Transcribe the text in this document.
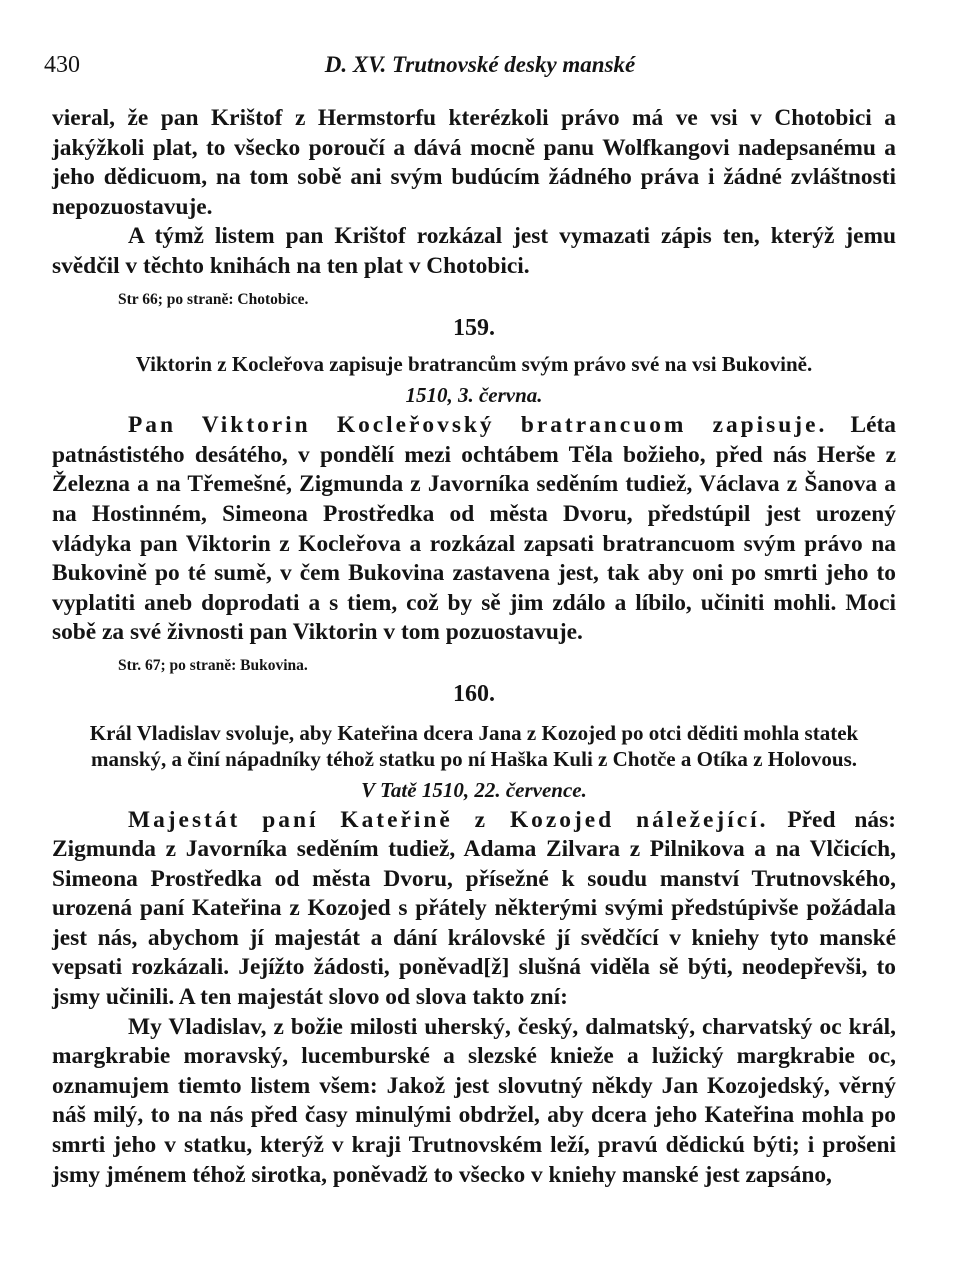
430	D. XV. Trutnovské desky manské

vieral, že pan Krištof z Hermstorfu kterézkoli právo má ve vsi v Chotobici a jakýžkoli plat, to všecko poroučí a dává mocně panu Wolfkangovi nadepsanému a jeho dědicuom, na tom sobě ani svým budúcím žádného práva i žádné zvláštnosti nepozuostavuje.

A týmž listem pan Krištof rozkázal jest vymazati zápis ten, kterýž jemu svědčil v těchto knihách na ten plat v Chotobici.

Str 66; po straně: Chotobice.

159.

Viktorin z Kocleřova zapisuje bratrancům svým právo své na vsi Bukovině.

1510, 3. června.

Pan Viktorin Kocleřovský bratrancuom zapisuje. Léta patnástistého desátého, v pondělí mezi ochtábem Těla božieho, před nás Herše z Železna a na Třemešné, Zigmunda z Javorníka seděním tudiež, Václava z Šanova a na Hostinném, Simeona Prostředka od města Dvoru, předstúpil jest urozený vládyka pan Viktorin z Kocleřova a rozkázal zapsati bratrancuom svým právo na Bukovině po té sumě, v čem Bukovina zastavena jest, tak aby oni po smrti jeho to vyplatiti aneb doprodati a s tiem, což by sě jim zdálo a líbilo, učiniti mohli. Moci sobě za své živnosti pan Viktorin v tom pozuostavuje.

Str. 67; po straně: Bukovina.

160.

Král Vladislav svoluje, aby Kateřina dcera Jana z Kozojed po otci děditi mohla statek manský, a činí nápadníky téhož statku po ní Haška Kuli z Chotče a Otíka z Holovous.

V Tatě 1510, 22. července.

Majestát paní Kateřině z Kozojed náležející. Před nás: Zigmunda z Javorníka seděním tudiež, Adama Zilvara z Pilnikova a na Vlčicích, Simeona Prostředka od města Dvoru, přísežné k soudu manství Trutnovského, urozená paní Kateřina z Kozojed s přátely některými svými předstúpivše požádala jest nás, abychom jí majestát a dání královské jí svědčící v kniehy tyto manské vepsati rozkázali. Jejížto žádosti, poněvad[ž] slušná viděla sě býti, neodepřevši, to jsmy učinili. A ten majestát slovo od slova takto zní:

My Vladislav, z božie milosti uherský, český, dalmatský, charvatský oc král, margkrabie moravský, lucemburské a slezské knieže a lužický margkrabie oc, oznamujem tiemto listem všem: Jakož jest slovutný někdy Jan Kozojedský, věrný náš milý, to na nás před časy minulými obdržel, aby dcera jeho Kateřina mohla po smrti jeho v statku, kterýž v kraji Trutnovském leží, pravú dědickú býti; i prošeni jsmy jménem téhož sirotka, poněvadž to všecko v kniehy manské jest zapsáno,
